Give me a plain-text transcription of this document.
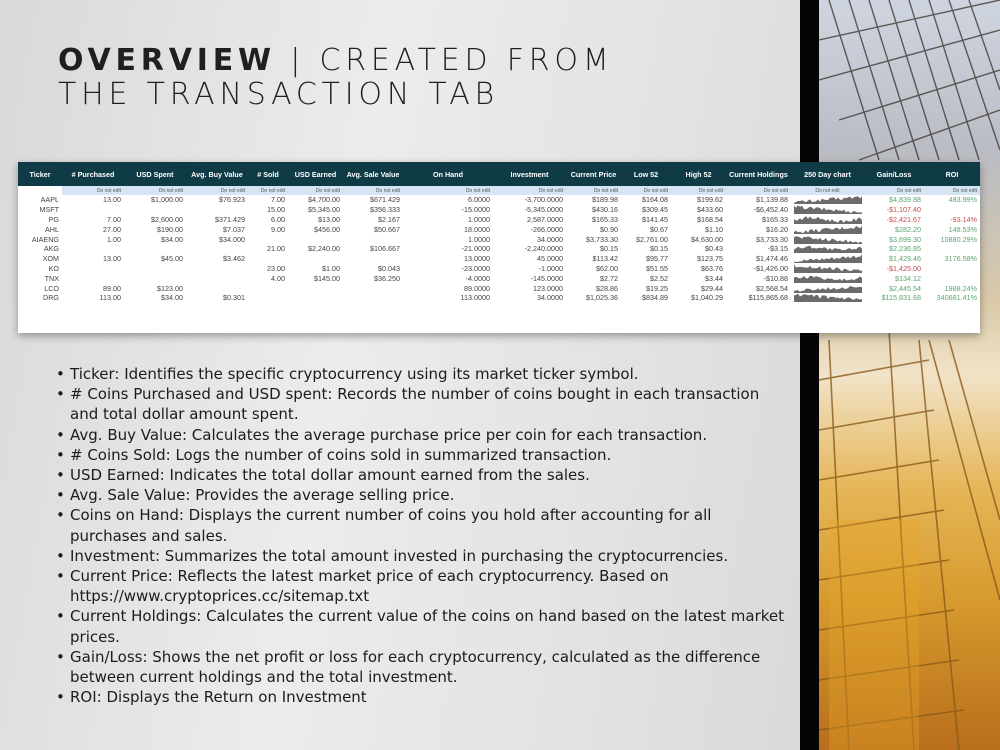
OVERVIEW | CREATED FROM
THE TRANSACTION TAB
Ticker	# Purchased	USD Spent	Avg. Buy Value	# Sold	USD Earned	Avg. Sale Value	On Hand	Investment	Current Price	Low 52	High 52	Current Holdings	250 Day chart	Gain/Loss	ROI
	Do not edit	Do not edit	Do not edit	Do not edit	Do not edit	Do not edit	Do not edit	Do not edit	Do not edit	Do not edit	Do not edit	Do not edit	Do not edit	Do not edit	Do not edit
AAPL	13.00	$1,000.00	$76.923	7.00	$4,700.00	$671.429	6.0000	-3,700.0000	$189.98	$164.08	$199.62	$1,139.88		$4,839.88	483.99%
MSFT				15.00	$5,345.00	$356.333	-15.0000	-5,345.0000	$430.16	$309.45	$433.60	-$6,452.40		-$1,107.40	
PG	7.00	$2,600.00	$371.429	6.00	$13.00	$2.167	1.0000	2,587.0000	$165.33	$141.45	$168.54	$165.33		-$2,421.67	-93.14%
AHL	27.00	$190.00	$7.037	9.00	$456.00	$50.667	18.0000	-266.0000	$0.90	$0.67	$1.10	$16.20		$282.20	148.53%
AIAENG	1.00	$34.00	$34.000				1.0000	34.0000	$3,733.30	$2,761.00	$4,630.00	$3,733.30		$3,699.30	10880.29%
AKG				21.00	$2,240.00	$106.667	-21.0000	-2,240.0000	$0.15	$0.15	$0.43	-$3.15		$2,236.85	
XOM	13.00	$45.00	$3.462				13.0000	45.0000	$113.42	$95.77	$123.75	$1,474.46		$1,429.46	3176.58%
KO				23.00	$1.00	$0.043	-23.0000	-1.0000	$62.00	$51.55	$63.76	-$1,426.00		-$1,425.00	
TNX				4.00	$145.00	$36.250	-4.0000	-145.0000	$2.72	$2.52	$3.44	-$10.88		$134.12	
LCO	89.00	$123.00					89.0000	123.0000	$28.86	$19.25	$29.44	$2,568.54		$2,445.54	1988.24%
DRG	113.00	$34.00	$0.301				113.0000	34.0000	$1,025.36	$834.89	$1,040.29	$115,865.68		$115,831.68	340681.41%
• Ticker: Identifies the specific cryptocurrency using its market ticker symbol.
• # Coins Purchased and USD spent: Records the number of coins bought in each transaction and total dollar amount spent.
• Avg. Buy Value: Calculates the average purchase price per coin for each transaction.
• # Coins Sold: Logs the number of coins sold in summarized transaction.
• USD Earned: Indicates the total dollar amount earned from the sales.
• Avg. Sale Value: Provides the average selling price.
• Coins on Hand: Displays the current number of coins you hold after accounting for all purchases and sales.
• Investment: Summarizes the total amount invested in purchasing the cryptocurrencies.
• Current Price: Reflects the latest market price of each cryptocurrency. Based on https://www.cryptoprices.cc/sitemap.txt
• Current Holdings: Calculates the current value of the coins on hand based on the latest market prices.
• Gain/Loss: Shows the net profit or loss for each cryptocurrency, calculated as the difference between current holdings and the total investment.
• ROI: Displays the Return on Investment
